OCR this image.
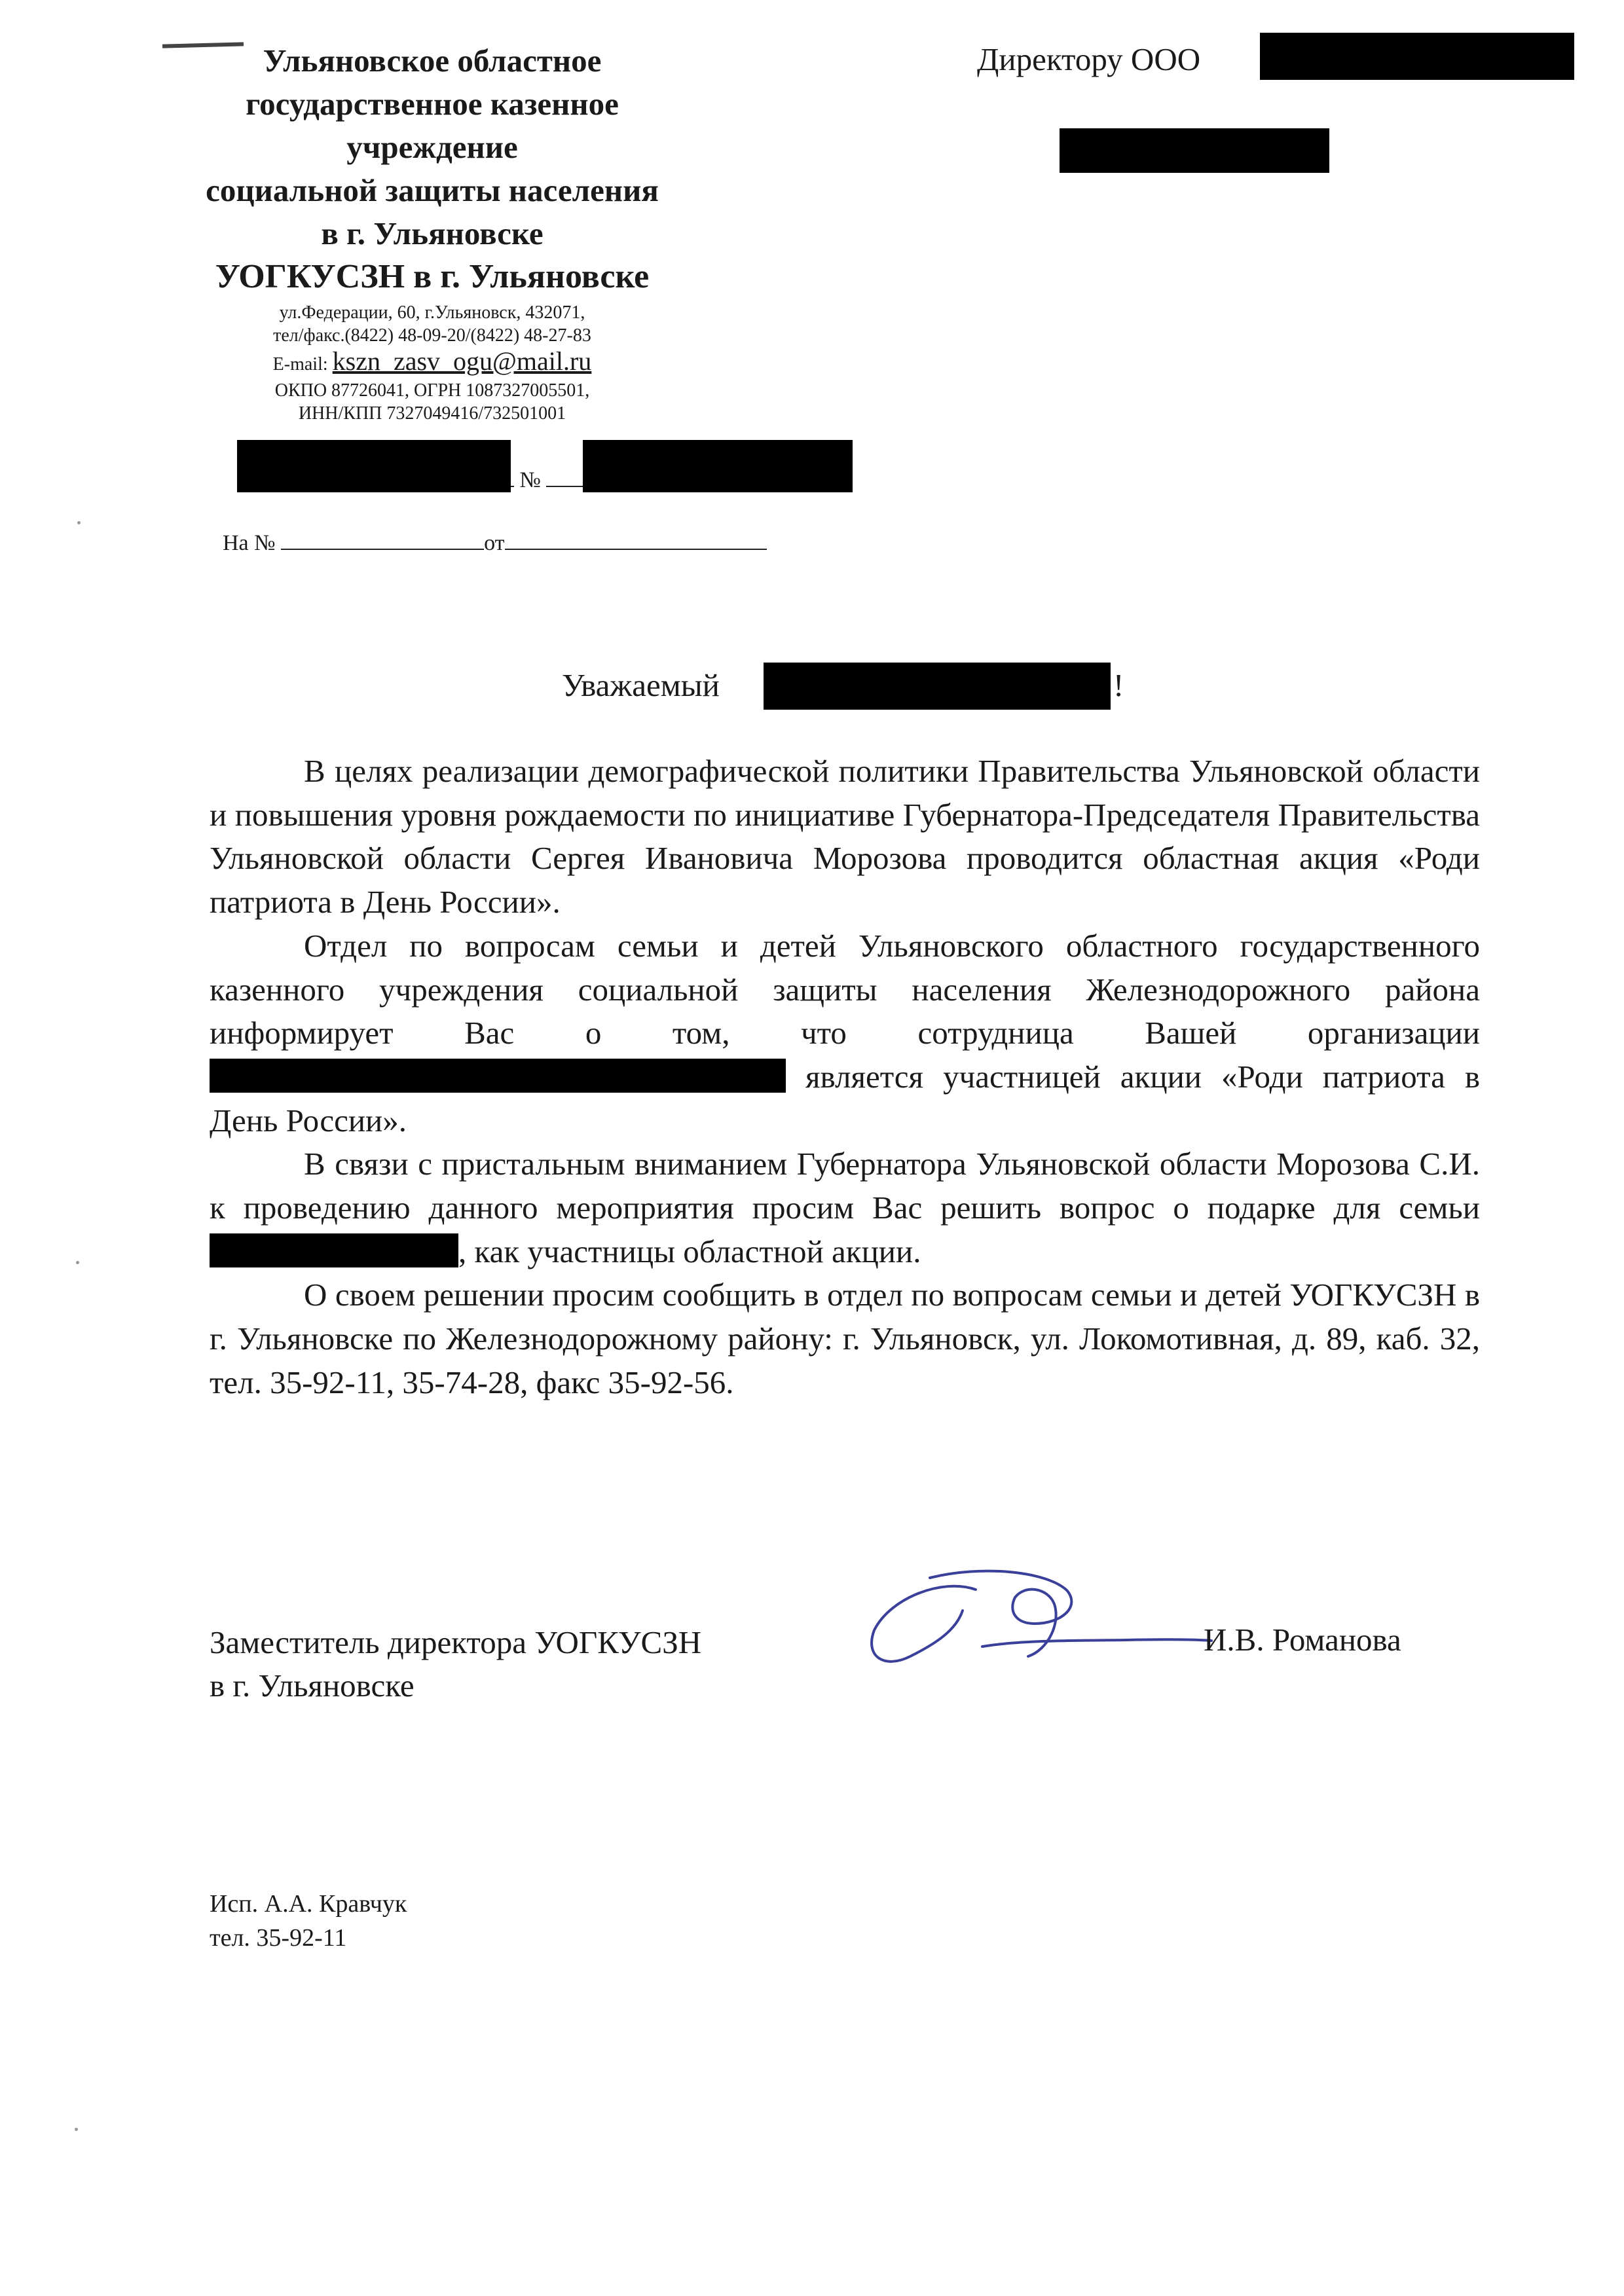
Ульяновское областное
государственное казенное
учреждение
социальной защиты населения
в г. Ульяновске
УОГКУСЗН в г. Ульяновске
ул.Федерации, 60, г.Ульяновск, 432071,
тел/факс.(8422) 48-09-20/(8422) 48-27-83
E-mail: kszn_zasv_ogu@mail.ru
ОКПО 87726041, ОГРН 1087327005501,
ИНН/КПП 7327049416/732501001
№
На №	от
Директору ООО
Уважаемый	!

В целях реализации демографической политики Правительства Ульяновской области и повышения уровня рождаемости по инициативе Губернатора-Председателя Правительства Ульяновской области Сергея Ивановича Морозова проводится областная акция «Роди патриота в День России».

Отдел по вопросам семьи и детей Ульяновского областного государственного казенного учреждения социальной защиты населения Железнодорожного района информирует Вас о том, что сотрудница Вашей организации  является участницей акции «Роди патриота в День России».

В связи с пристальным вниманием Губернатора Ульяновской области Морозова С.И. к проведению данного мероприятия просим Вас решить вопрос о подарке для семьи, как участницы областной акции.

О своем решении просим сообщить в отдел по вопросам семьи и детей УОГКУСЗН в г. Ульяновске по Железнодорожному району: г. Ульяновск, ул. Локомотивная, д. 89, каб. 32, тел. 35-92-11, 35-74-28, факс 35-92-56.

Заместитель директора УОГКУСЗН
в г. Ульяновске
И.В. Романова
Исп. А.А. Кравчук
тел. 35-92-11
